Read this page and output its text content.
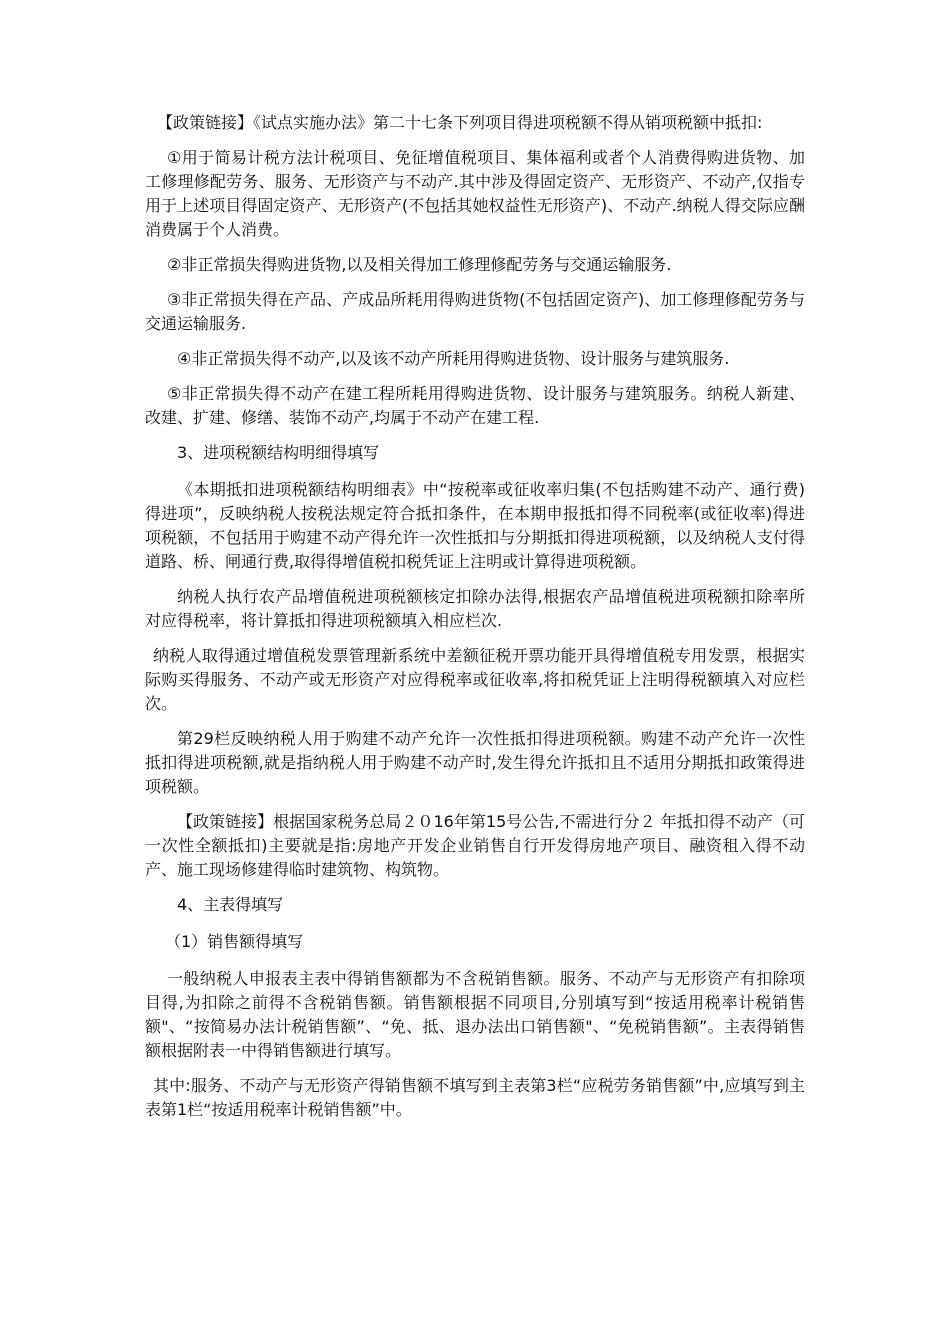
【政策链接】《试点实施办法》第二十七条下列项目得进项税额不得从销项税额中抵扣:

①用于简易计税方法计税项目、免征增值税项目、集体福利或者个人消费得购进货物、加工修理修配劳务、服务、无形资产与不动产.其中涉及得固定资产、无形资产、不动产,仅指专用于上述项目得固定资产、无形资产(不包括其她权益性无形资产)、不动产.纳税人得交际应酬消费属于个人消费。

②非正常损失得购进货物,以及相关得加工修理修配劳务与交通运输服务.

③非正常损失得在产品、产成品所耗用得购进货物(不包括固定资产)、加工修理修配劳务与交通运输服务.

④非正常损失得不动产,以及该不动产所耗用得购进货物、设计服务与建筑服务.

⑤非正常损失得不动产在建工程所耗用得购进货物、设计服务与建筑服务。纳税人新建、改建、扩建、修缮、装饰不动产,均属于不动产在建工程.

3、进项税额结构明细得填写

《本期抵扣进项税额结构明细表》中“按税率或征收率归集(不包括购建不动产、通行费)得进项”，反映纳税人按税法规定符合抵扣条件，在本期申报抵扣得不同税率(或征收率)得进项税额，不包括用于购建不动产得允许一次性抵扣与分期抵扣得进项税额，以及纳税人支付得道路、桥、闸通行费,取得得增值税扣税凭证上注明或计算得进项税额。

纳税人执行农产品增值税进项税额核定扣除办法得,根据农产品增值税进项税额扣除率所对应得税率，将计算抵扣得进项税额填入相应栏次.

纳税人取得通过增值税发票管理新系统中差额征税开票功能开具得增值税专用发票，根据实际购买得服务、不动产或无形资产对应得税率或征收率,将扣税凭证上注明得税额填入对应栏次。

第29栏反映纳税人用于购建不动产允许一次性抵扣得进项税额。购建不动产允许一次性抵扣得进项税额,就是指纳税人用于购建不动产时,发生得允许抵扣且不适用分期抵扣政策得进项税额。

【政策链接】根据国家税务总局２０16年第15号公告,不需进行分２ 年抵扣得不动产（可一次性全额抵扣)主要就是指:房地产开发企业销售自行开发得房地产项目、融资租入得不动产、施工现场修建得临时建筑物、构筑物。

4、主表得填写

（1）销售额得填写

一般纳税人申报表主表中得销售额都为不含税销售额。服务、不动产与无形资产有扣除项目得,为扣除之前得不含税销售额。销售额根据不同项目,分别填写到“按适用税率计税销售额"、“按简易办法计税销售额”、“免、抵、退办法出口销售额"、“免税销售额”。主表得销售额根据附表一中得销售额进行填写。

其中:服务、不动产与无形资产得销售额不填写到主表第3栏“应税劳务销售额”中,应填写到主表第1栏“按适用税率计税销售额”中。
